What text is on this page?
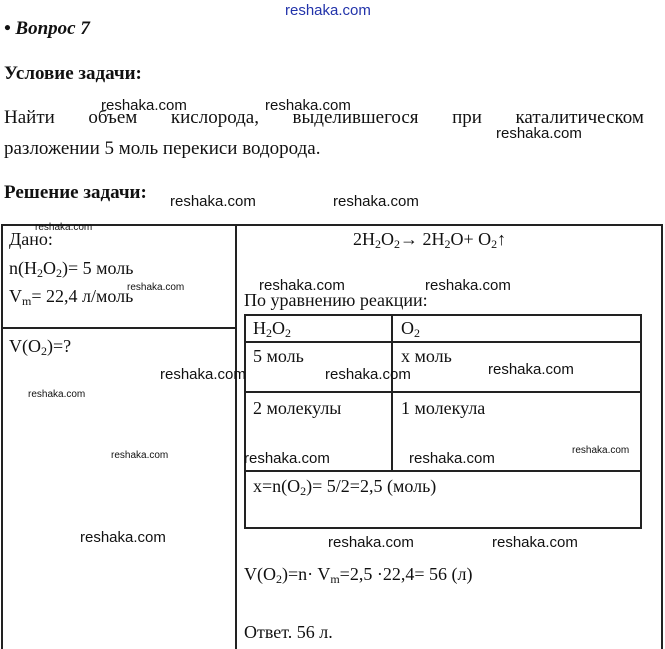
reshaka.com
• Вопрос 7
Условие задачи:
Найти объем кислорода, выделившегося при каталитическом
разложении 5 моль перекиси водорода.
Решение задачи:
Дано:
$n(H_2O_2)= 5$ моль
$V_m= 22,4$ л/моль
$V(O_2)=$?
$2H_2O_2\to 2H_2O+$ $O_2↑$
По уравнению реакции:
$H_2O_2$	$O_2$
5 моль	x моль
2 молекулы	1 молекула
$x=n(O_2)= 5/2=2,5$ (моль)
$V(O_2)=n\cdot V_m=2,5 \cdot 22,4= 56$ (л)
Ответ. 56 л.
reshaka.com	reshaka.com
reshaka.com
reshaka.com	reshaka.com
reshaka.com
reshaka.com	reshaka.com	reshaka.com
reshaka.com	reshaka.com	reshaka.com
reshaka.com
reshaka.com	reshaka.com	reshaka.com	reshaka.com
reshaka.com	reshaka.com	reshaka.com
